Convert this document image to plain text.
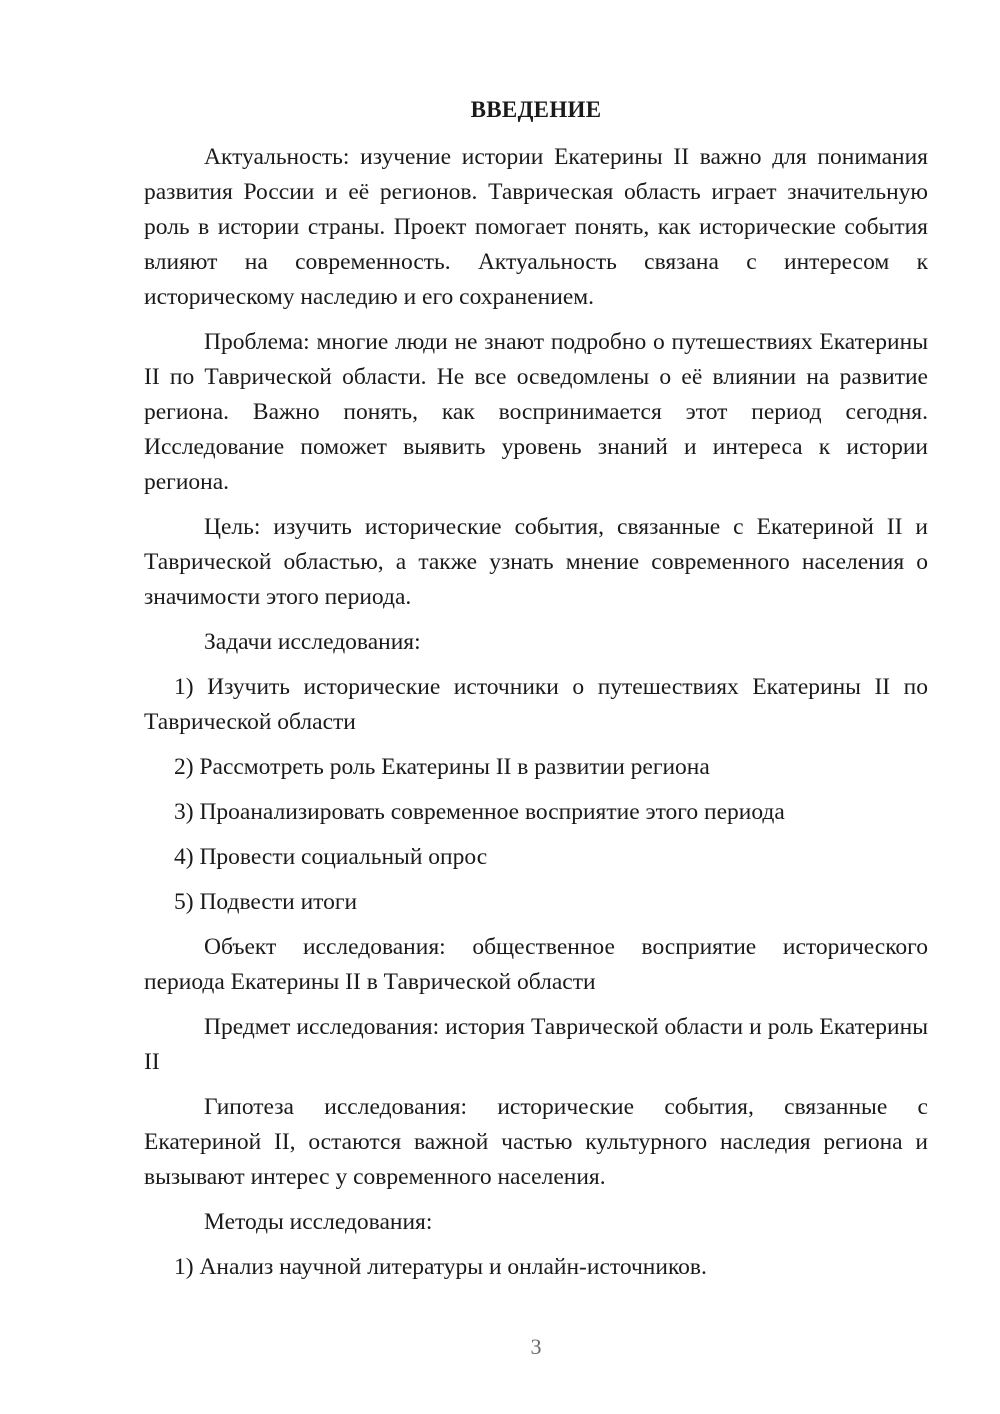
ВВЕДЕНИЕ

Актуальность: изучение истории Екатерины II важно для понимания развития России и её регионов. Таврическая область играет значительную роль в истории страны. Проект помогает понять, как исторические события влияют на современность. Актуальность связана с интересом к историческому наследию и его сохранением.

Проблема: многие люди не знают подробно о путешествиях Екатерины II по Таврической области. Не все осведомлены о её влиянии на развитие региона. Важно понять, как воспринимается этот период сегодня. Исследование поможет выявить уровень знаний и интереса к истории региона.

Цель: изучить исторические события, связанные с Екатериной II и Таврической областью, а также узнать мнение современного населения о значимости этого периода.

Задачи исследования:

1) Изучить исторические источники о путешествиях Екатерины II по Таврической области

2) Рассмотреть роль Екатерины II в развитии региона

3) Проанализировать современное восприятие этого периода

4) Провести социальный опрос

5) Подвести итоги

Объект исследования: общественное восприятие исторического периода Екатерины II в Таврической области

Предмет исследования: история Таврической области и роль Екатерины II

Гипотеза исследования: исторические события, связанные с Екатериной II, остаются важной частью культурного наследия региона и вызывают интерес у современного населения.

Методы исследования:

1) Анализ научной литературы и онлайн-источников.

3
